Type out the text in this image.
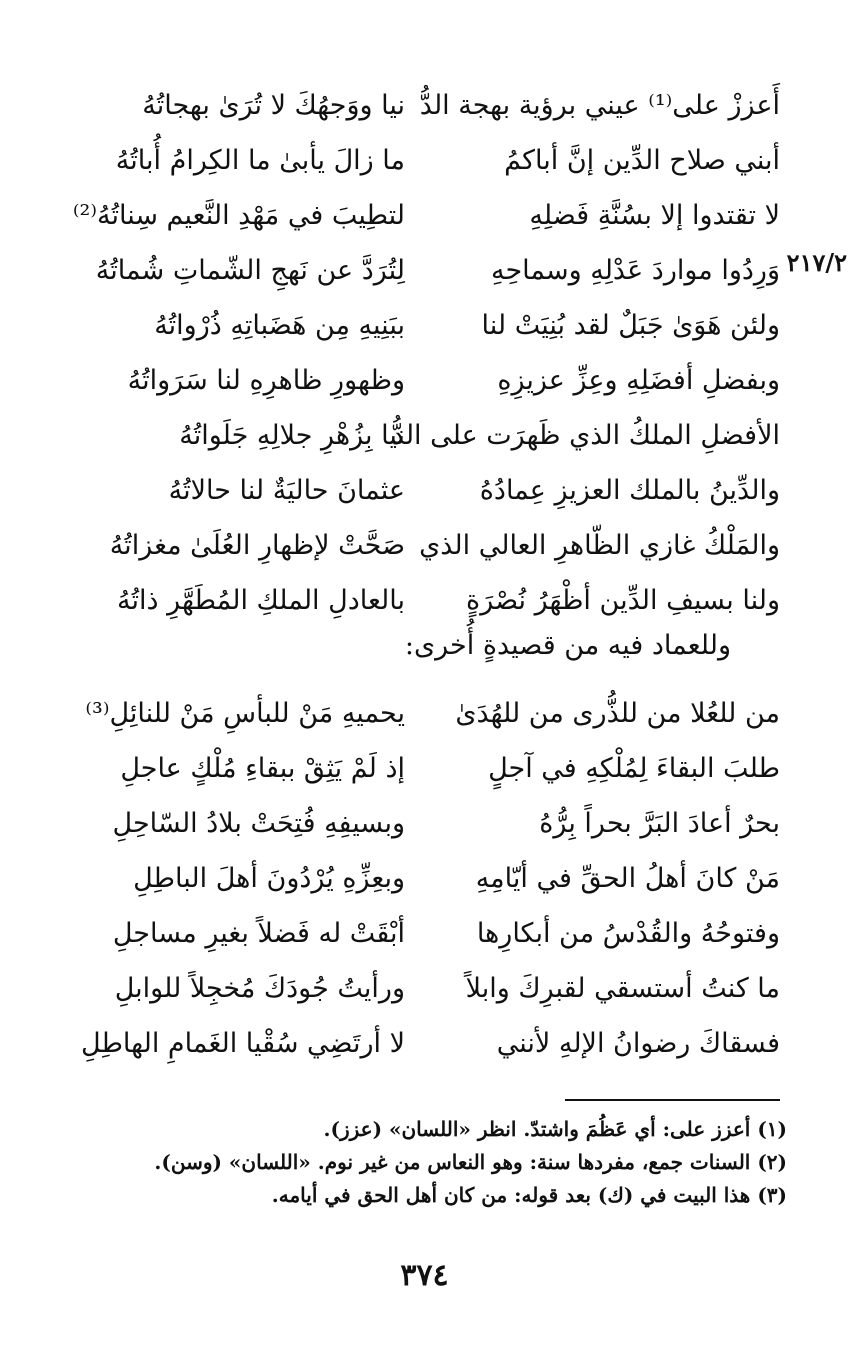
أَعززْ على⁽¹⁾ عيني برؤية بهجة الدُّ
نيا ووَجهُكَ لا تُرَىٰ بهجاتُهُ
أبني صلاح الدِّين إنَّ أباكمُ
ما زالَ يأبىٰ ما الكِرامُ أُباتُهُ
لا تقتدوا إلا بسُنَّةِ فَضلِهِ
لتطِيبَ في مَهْدِ النَّعيم سِناتُهُ⁽²⁾
وَرِدُوا مواردَ عَدْلِهِ وسماحِهِ
لِتُرَدَّ عن نَهجِ الشّماتِ شُماتُهُ
ولئن هَوَىٰ جَبَلٌ لقد بُنِيَتْ لنا
ببَنِيهِ مِن هَضَباتِهِ ذُرْواتُهُ
وبفضلِ أفضَلِهِ وعِزِّ عزيزِهِ
وظهورِ ظاهرِهِ لنا سَرَواتُهُ
الأفضلِ الملكُ الذي ظَهرَت على الدُّ
نيا بِزُهْرِ جلالِهِ جَلَواتُهُ
والدِّينُ بالملك العزيزِ عِمادُهُ
عثمانَ حاليَةٌ لنا حالاتُهُ
والمَلْكُ غازي الظّاهرِ العالي الذي
صَحَّتْ لإظهارِ العُلَىٰ مغزاتُهُ
ولنا بسيفِ الدِّين أظْهَرُ نُصْرَةٍ
بالعادلِ الملكِ المُطَهَّرِ ذاتُهُ
٢١٧/٢
وللعماد فيه من قصيدةٍ أُخرى:
من للعُلا من للذُّرى من للهُدَىٰ
يحميهِ مَنْ للبأسِ مَنْ للنائِلِ⁽³⁾
طلبَ البقاءَ لِمُلْكِهِ في آجلٍ
إذ لَمْ يَثِقْ ببقاءِ مُلْكٍ عاجلِ
بحرٌ أعادَ البَرَّ بحراً بِرُّهُ
وبسيفِهِ فُتِحَتْ بلادُ السّاحِلِ
مَنْ كانَ أهلُ الحقِّ في أيّامِهِ
وبعِزِّهِ يُرْدُونَ أهلَ الباطِلِ
وفتوحُهُ والقُدْسُ من أبكارِها
أبْقَتْ له فَضلاً بغيرِ مساجلِ
ما كنتُ أستسقي لقبرِكَ وابلاً
ورأيتُ جُودَكَ مُخجِلاً للوابلِ
فسقاكَ رضوانُ الإلهِ لأنني
لا أرتَضِي سُقْيا الغَمامِ الهاطِلِ
(١) أعزز على: أي عَظُمَ واشتدّ. انظر «اللسان» (عزز).
(٢) السنات جمع، مفردها سنة: وهو النعاس من غير نوم. «اللسان» (وسن).
(٣) هذا البيت في (ك) بعد قوله: من كان أهل الحق في أيامه.
٣٧٤
